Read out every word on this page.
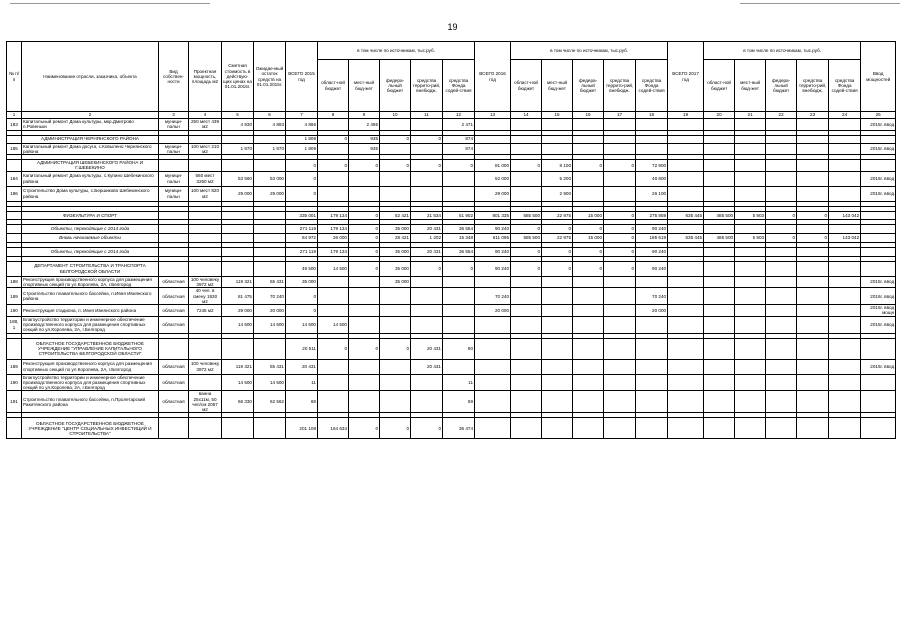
19
№ п/п	Наименование отрасли, заказчика, объекта	Вид собствен-ности	Проектная мощность, площадь м2	Сметная стоимость в действую-щих ценах на 01.01.2015г.	Ожидае-мый остаток средств на 01.01.2015г.	ВСЕГО 2015 год	в том числе по источникам, тыс.руб.					ВСЕГО 2016 год	в том числе по источникам, тыс.руб.					ВСЕГО 2017 год	в том числе по источникам, тыс.руб.					Ввод мощностей
							област-ной бюджет	мест-ный бюд-жет	федера-льный бюджет	средства террито-рий, внебюдж.	средства Фонда содей-ствия		област-ной бюджет	мест-ный бюд-жет	федера-льный бюджет	средства террито-рий, внебюдж.	средства Фонда содей-ствия		област-ной бюджет	мест-ный бюд-жет	федера-льный бюджет	средства террито-рий, внебюдж.	средства Фонда содей-ствия	
1	2	3	4	5	6	7	8	9	10	11	12	13	14	15	16	17	18	19	20	21	22	23	24	25
183	Капитальный ремонт Дома культуры, мкр.Дмитрово п.Ровеньки	муници-пальн	250 мест 439 м2	4 930	4 893	4 866		2 495			2 471													2015г. ввод

	АДМИНИСТРАЦИЯ ЧЕРНЯНСКОГО РАЙОНА					1 809	0	935	0	0	874													
185	Капитальный ремонт Дома досуга, с.Ковылено Чернянского района	муници-пальн	100 мест 210 м2	1 870	1 870	1 809		935			874													2015г. ввод

	АДМИНИСТРАЦИЯ ШЕБЕКИНСКОГО РАЙОНА И Г.ШЕБЕКИНО					0	0	0	0	0	0	81 000	0	8 100	0	0	72 900							
184	Капитальный ремонт Дома культуры, с.Купино Шебекинского района	муници-пальн	560 мест 3250 м2	53 560	53 000	0						52 000		5 200			46 800							2016г. ввод
186	Строительство Дома культуры, с.Бершиково Шебекинского района	муници-пальн	100 мест 820 м2	29 000	29 000	0						29 000		2 900			26 100							2016г. ввод

	ФИЗКУЛЬТУРА И СПОРТ					335 001	179 134	0	52 421	21 534	51 902	801 335	585 500	22 975	15 000	0	275 859	635 445	485 500	5 903	0	0	143 042	

	Объекты, переходящие с 2014 года					271 119	179 134	0	35 000	20 431	36 554	90 240	0	0	0	0	90 240							
	Вновь начинаемые объекты					64 972	26 000	0	28 421	1 202	15 348	611 095	585 500	22 975	15 000	0	185 619	635 445	485 500	5 903	0	0	143 042	

	Объекты, переходящие с 2014 года					271 119	179 134	0	35 000	20 431	36 554	90 240	0	0	0	0	90 240							

	ДЕПАРТАМЕНТ СТРОИТЕЛЬСТВА И ТРАНСПОРТА БЕЛГОРОДСКОЙ ОБЛАСТИ					49 500	14 500	0	35 000	0	0	90 240	0	0	0	0	90 240							
188	Реконструкция производственного корпуса для размещения спортивных секций по ул.Королева, 2А, г.Белгород	областная	100 человеку 3972 м2	119 321	55 431	35 000			35 000															2015г. ввод
189	Строительство плавательного бассейна, п.Ивня Ивнянского района	областная	40 чел. в смену 1930 м2	81 475	70 240	0						70 240					70 240							2016г. ввод
190	Реконструкция стадиона, п. Ивня Ивнянского района	областная	7245 м2	29 000	20 000	0						20 000					20 000							2016г. ввод мощн
188, 1	Благоустройство территории и инженерное обеспечение производственного корпуса для размещения спортивных секций по ул.Королева, 2А, г.Белгород	областная		14 500	14 500	14 500	14 500																	2015г. ввод

	ОБЛАСТНОЕ ГОСУДАРСТВЕННОЕ БЮДЖЕТНОЕ УЧРЕЖДЕНИЕ "УПРАВЛЕНИЕ КАПИТАЛЬНОГО СТРОИТЕЛЬСТВА БЕЛГОРОДСКОЙ ОБЛАСТИ"					20 511	0	0	0	20 431	80													
189	Реконструкция производственного корпуса для размещения спортивных секций по ул.Королева, 2А, г.Белгород	областная	100 человеку 3972 м2	119 321	55 431	20 431				20 431														2016г. ввод
190	Благоустройство территории и инженерное обеспечение производственного корпуса для размещения спортивных секций по ул.Королева, 2А, г.Белгород	областная		14 500	14 500	11					11													
191	Строительство плавательного бассейна, п.Пролетарский Ракитянского района	областная	ванна 25х11м, 50 чел/см 2057 м2	66 330	62 562	69					69													

	ОБЛАСТНОЕ ГОСУДАРСТВЕННОЕ БЮДЖЕТНОЕ УЧРЕЖДЕНИЕ "ЦЕНТР СОЦИАЛЬНЫХ ИНВЕСТИЦИЙ И СТРОИТЕЛЬСТВА"					201 108	164 634	0	0	0	36 474													
